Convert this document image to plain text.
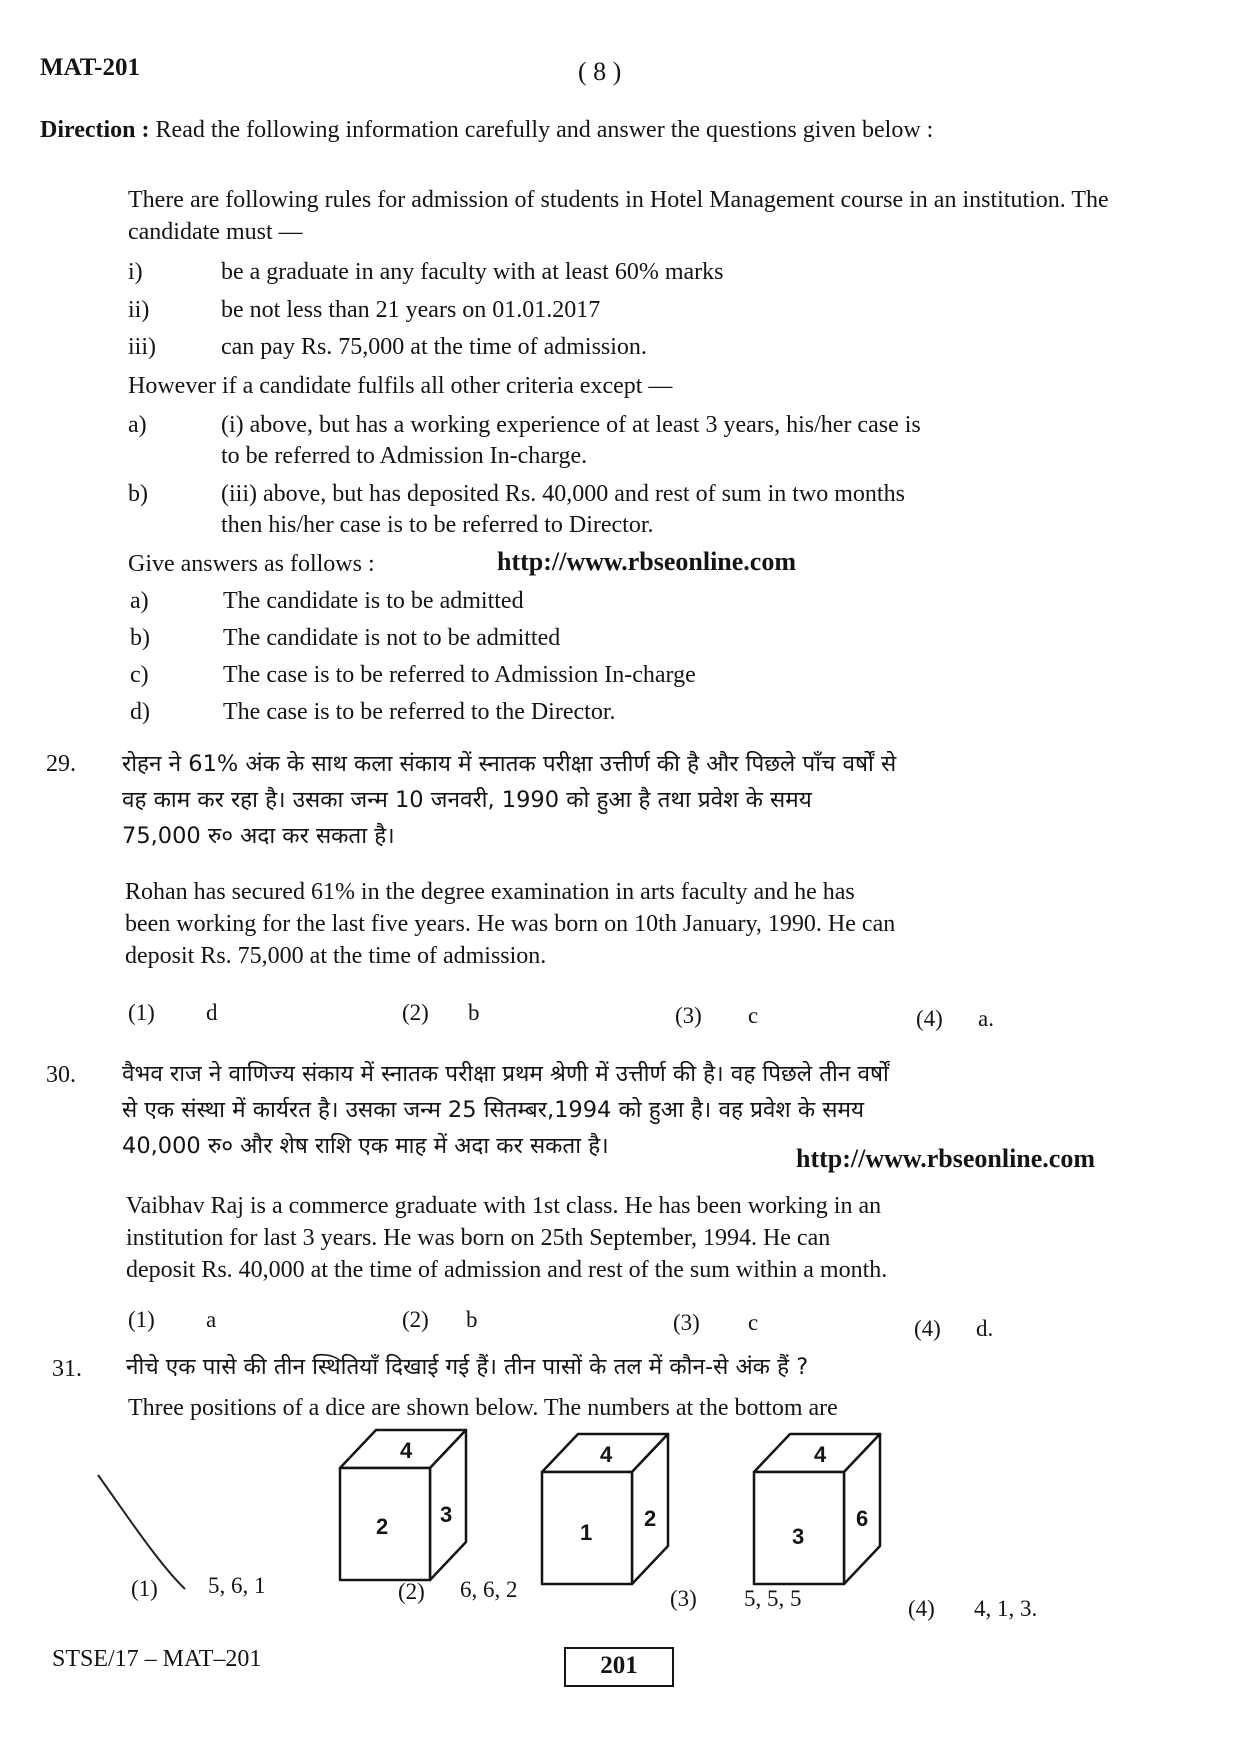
MAT-201	( 8 )
Direction : Read the following information carefully and answer the questions given below :
There are following rules for admission of students in Hotel Management course in an institution. The candidate must —
i)	be a graduate in any faculty with at least 60% marks
ii)	be not less than 21 years on 01.01.2017
iii)	can pay Rs. 75,000 at the time of admission.
However if a candidate fulfils all other criteria except —
a)	(i) above, but has a working experience of at least 3 years, his/her case is
to be referred to Admission In-charge.
b)	(iii) above, but has deposited Rs. 40,000 and rest of sum in two months
then his/her case is to be referred to Director.
Give answers as follows :	http://www.rbseonline.com
a)	The candidate is to be admitted
b)	The candidate is not to be admitted
c)	The case is to be referred to Admission In-charge
d)	The case is to be referred to the Director.
29. रोहन ने 61% अंक के साथ कला संकाय में स्नातक परीक्षा उत्तीर्ण की है और पिछले पाँच वर्षों से
वह काम कर रहा है। उसका जन्म 10 जनवरी, 1990 को हुआ है तथा प्रवेश के समय
75,000 रु० अदा कर सकता है।
Rohan has secured 61% in the degree examination in arts faculty and he has
been working for the last five years. He was born on 10th January, 1990. He can
deposit Rs. 75,000 at the time of admission.
(1) d	(2) b	(3) c	(4) a.
30. वैभव राज ने वाणिज्य संकाय में स्नातक परीक्षा प्रथम श्रेणी में उत्तीर्ण की है। वह पिछले तीन वर्षों
से एक संस्था में कार्यरत है। उसका जन्म 25 सितम्बर,1994 को हुआ है। वह प्रवेश के समय
40,000 रु० और शेष राशि एक माह में अदा कर सकता है।	http://www.rbseonline.com
Vaibhav Raj is a commerce graduate with 1st class. He has been working in an
institution for last 3 years. He was born on 25th September, 1994. He can
deposit Rs. 40,000 at the time of admission and rest of the sum within a month.
(1) a	(2) b	(3) c	(4) d.
31. नीचे एक पासे की तीन स्थितियाँ दिखाई गई हैं। तीन पासों के तल में कौन-से अंक हैं ?
Three positions of a dice are shown below. The numbers at the bottom are
4
2 3
4
1
2
4
3
6
(1) 5, 6, 1	(2) 6, 6, 2	(3) 5, 5, 5	(4) 4, 1, 3.
STSE/17 – MAT–201	201
